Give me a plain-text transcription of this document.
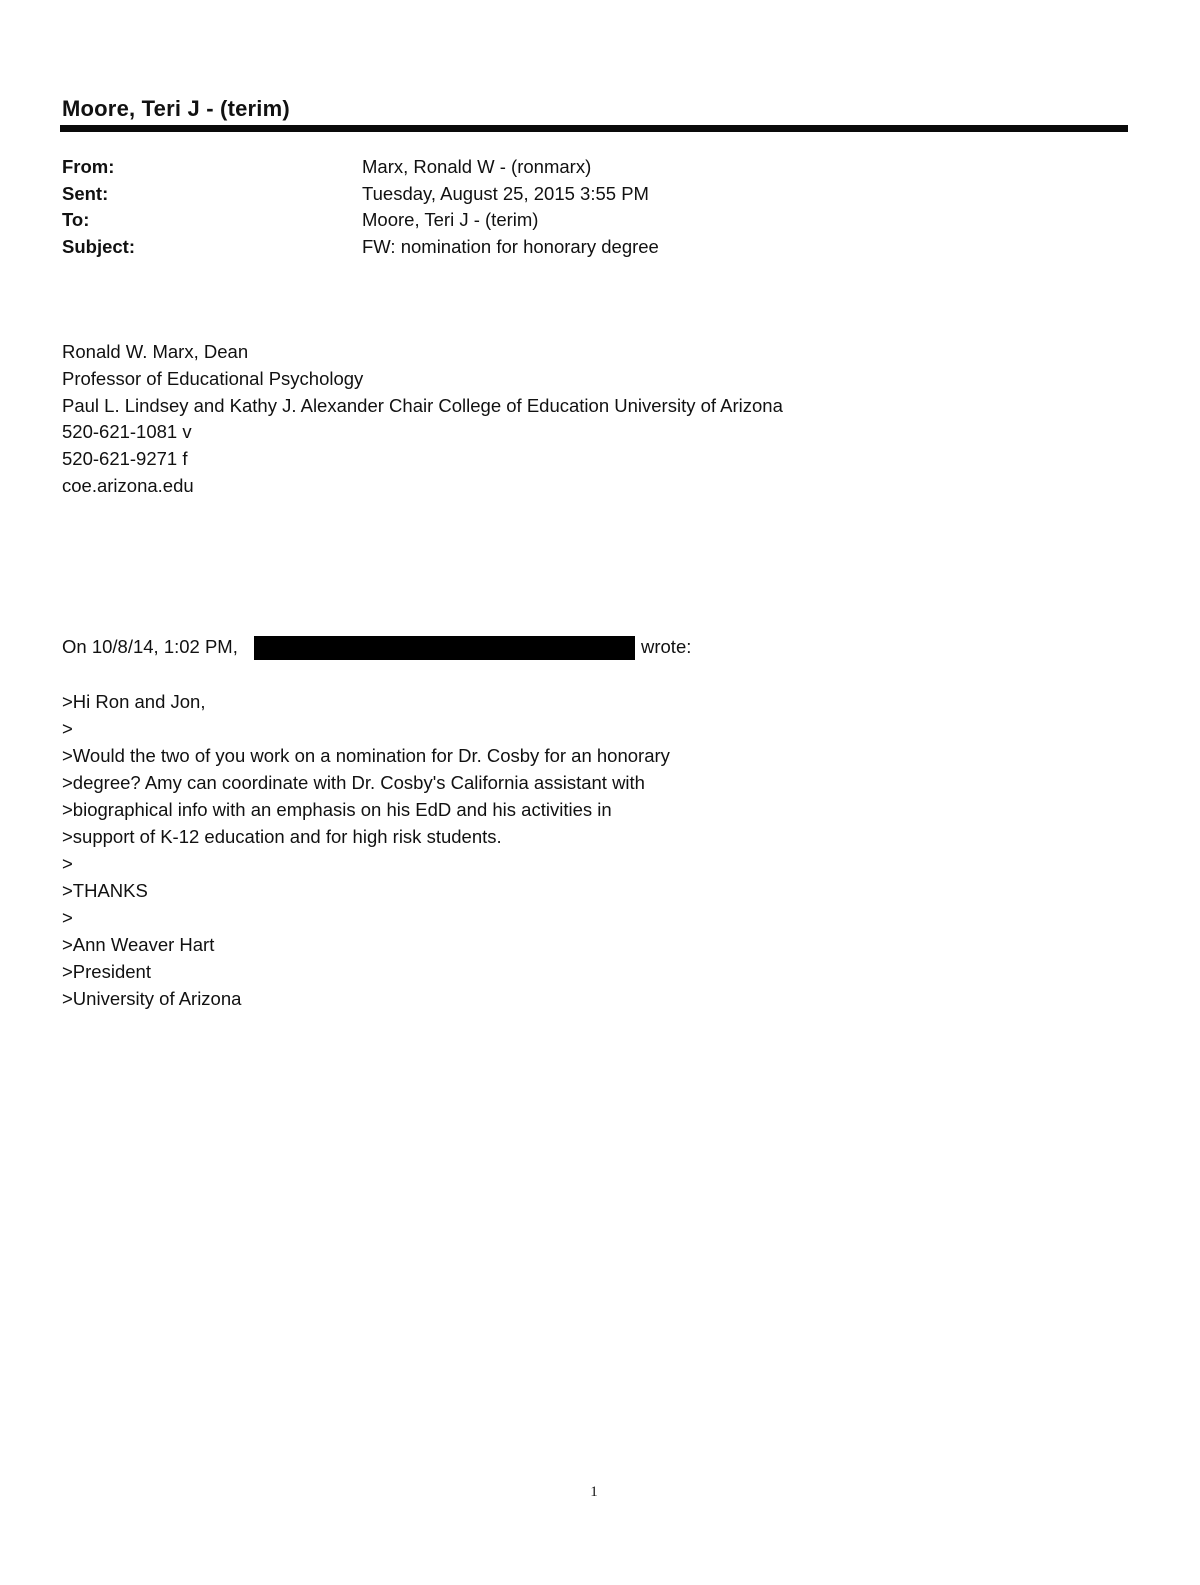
Moore, Teri J - (terim)
From:	Marx, Ronald W - (ronmarx)
Sent:	Tuesday, August 25, 2015 3:55 PM
To:	Moore, Teri J - (terim)
Subject:	FW: nomination for honorary degree
Ronald W. Marx, Dean
Professor of Educational Psychology
Paul L. Lindsey and Kathy J. Alexander Chair College of Education University of Arizona
520-621-1081 v
520-621-9271 f
coe.arizona.edu
On 10/8/14, 1:02 PM,	wrote:
>Hi Ron and Jon,
>
>Would the two of you work on a nomination for Dr. Cosby for an honorary
>degree? Amy can coordinate with Dr. Cosby's California assistant with
>biographical info with an emphasis on his EdD and his activities in
>support of K-12 education and for high risk students.
>
>THANKS
>
>Ann Weaver Hart
>President
>University of Arizona
1
